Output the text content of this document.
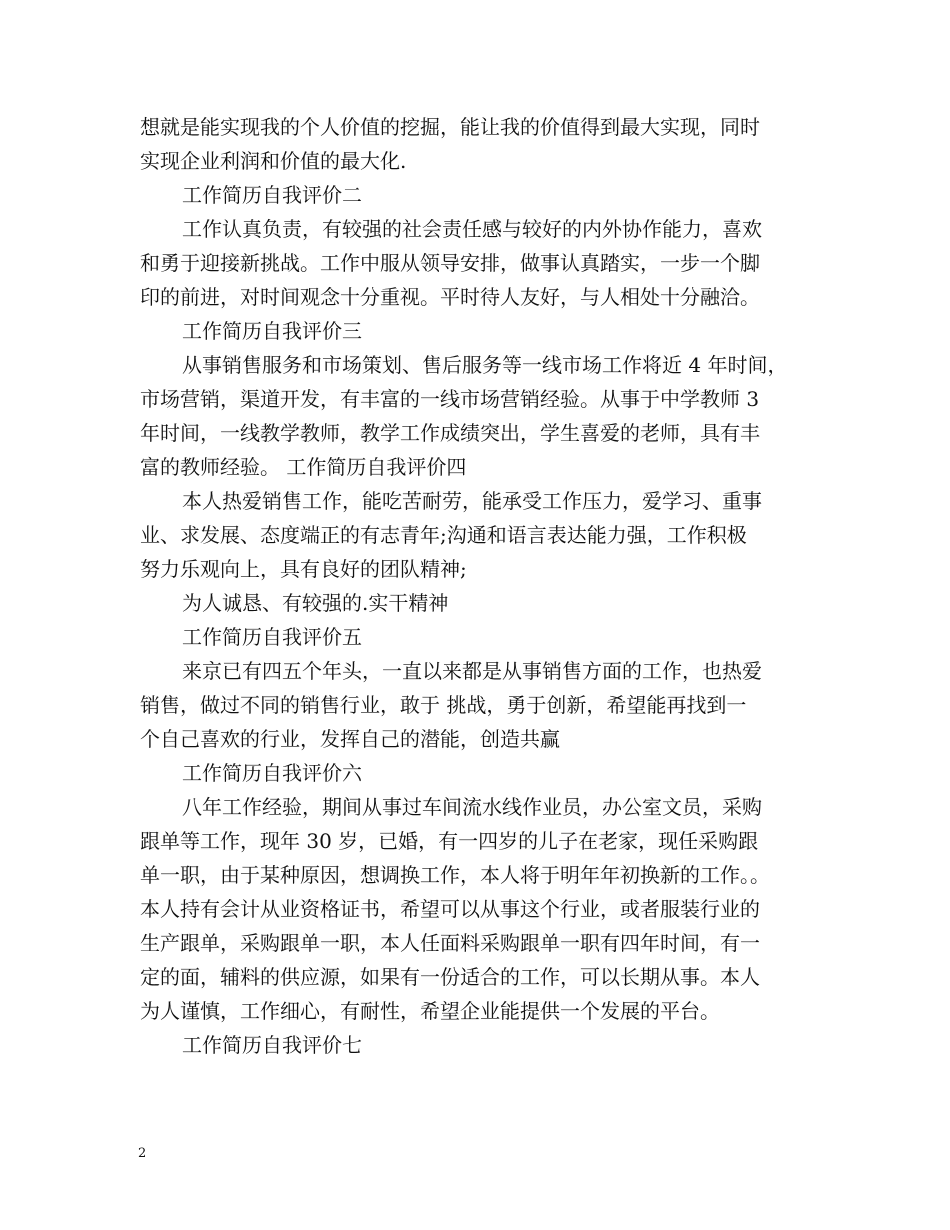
想就是能实现我的个人价值的挖掘，能让我的价值得到最大实现，同时
实现企业利润和价值的最大化.
工作简历自我评价二
工作认真负责，有较强的社会责任感与较好的内外协作能力，喜欢
和勇于迎接新挑战。工作中服从领导安排，做事认真踏实，一步一个脚
印的前进，对时间观念十分重视。平时待人友好，与人相处十分融洽。
工作简历自我评价三
从事销售服务和市场策划、售后服务等一线市场工作将近 4 年时间，
市场营销，渠道开发，有丰富的一线市场营销经验。从事于中学教师 3
年时间，一线教学教师，教学工作成绩突出，学生喜爱的老师，具有丰
富的教师经验。 工作简历自我评价四
本人热爱销售工作，能吃苦耐劳，能承受工作压力，爱学习、重事
业、求发展、态度端正的有志青年;沟通和语言表达能力强，工作积极
努力乐观向上，具有良好的团队精神;
为人诚恳、有较强的.实干精神
工作简历自我评价五
来京已有四五个年头，一直以来都是从事销售方面的工作，也热爱
销售，做过不同的销售行业，敢于 挑战，勇于创新，希望能再找到一
个自己喜欢的行业，发挥自己的潜能，创造共赢
工作简历自我评价六
八年工作经验，期间从事过车间流水线作业员，办公室文员，采购
跟单等工作，现年 30 岁，已婚，有一四岁的儿子在老家，现任采购跟
单一职，由于某种原因，想调换工作，本人将于明年年初换新的工作。。
本人持有会计从业资格证书，希望可以从事这个行业，或者服装行业的
生产跟单，采购跟单一职，本人任面料采购跟单一职有四年时间，有一
定的面，辅料的供应源，如果有一份适合的工作，可以长期从事。本人
为人谨慎，工作细心，有耐性，希望企业能提供一个发展的平台。
工作简历自我评价七
2
